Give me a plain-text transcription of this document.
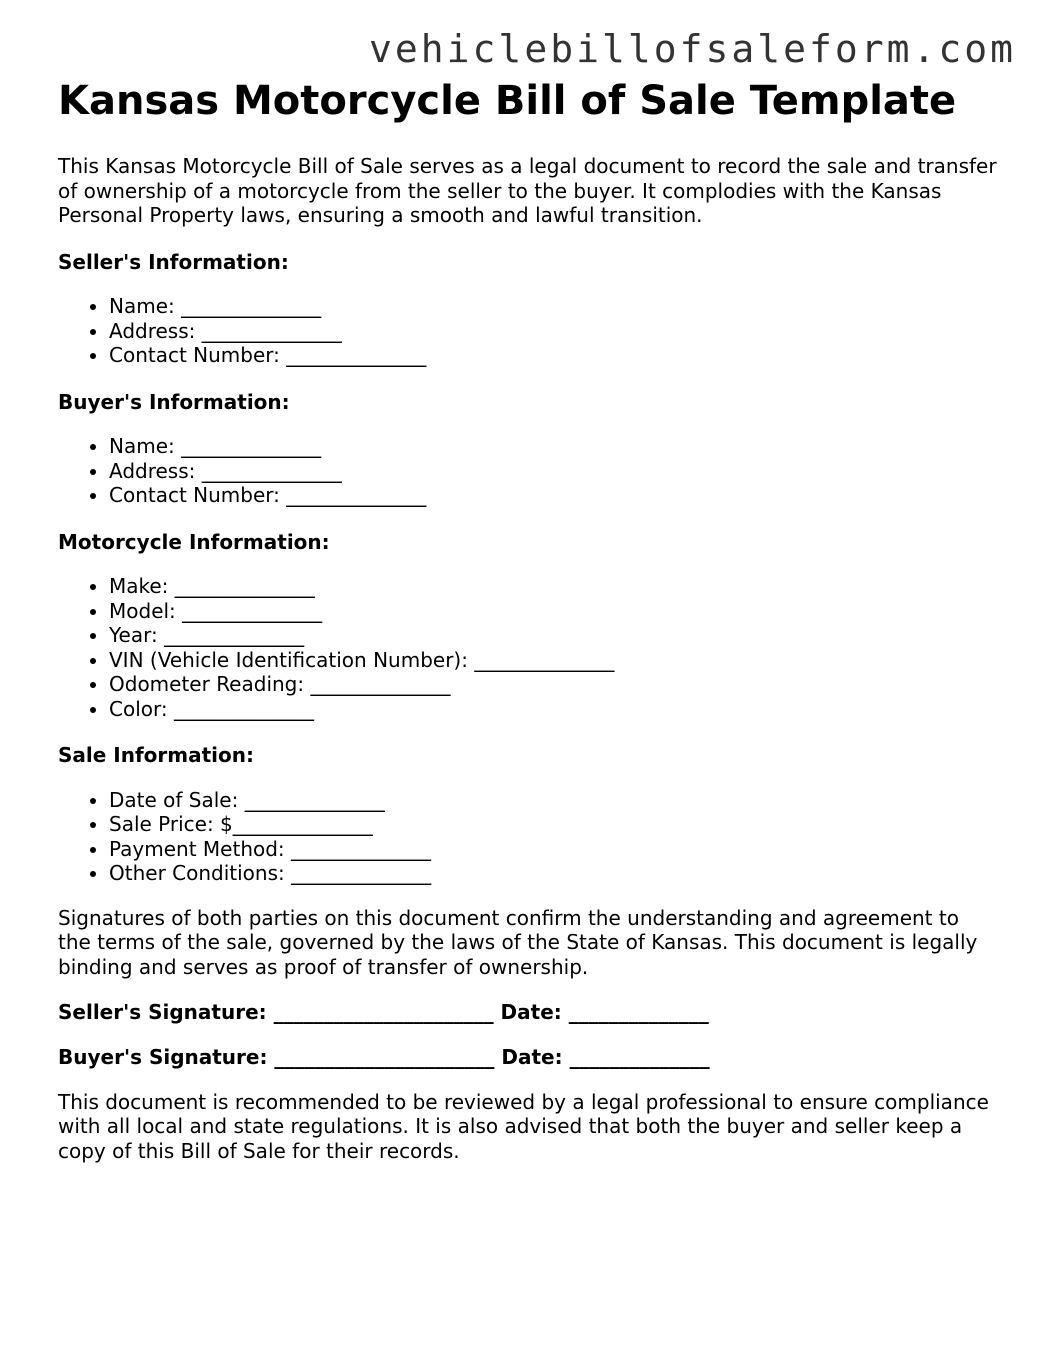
vehiclebillofsaleform.com
Kansas Motorcycle Bill of Sale Template

This Kansas Motorcycle Bill of Sale serves as a legal document to record the sale and transfer of ownership of a motorcycle from the seller to the buyer. It complodies with the Kansas Personal Property laws, ensuring a smooth and lawful transition.

Seller's Information:
• Name: ______________
• Address: ______________
• Contact Number: ______________
Buyer's Information:
• Name: ______________
• Address: ______________
• Contact Number: ______________
Motorcycle Information:
• Make: ______________
• Model: ______________
• Year: ______________
• VIN (Vehicle Identification Number): ______________
• Odometer Reading: ______________
• Color: ______________
Sale Information:
• Date of Sale: ______________
• Sale Price: $______________
• Payment Method: ______________
• Other Conditions: ______________

Signatures of both parties on this document confirm the understanding and agreement to the terms of the sale, governed by the laws of the State of Kansas. This document is legally binding and serves as proof of transfer of ownership.

Seller's Signature: ______________________ Date: ______________
Buyer's Signature: ______________________ Date: ______________

This document is recommended to be reviewed by a legal professional to ensure compliance with all local and state regulations. It is also advised that both the buyer and seller keep a copy of this Bill of Sale for their records.
